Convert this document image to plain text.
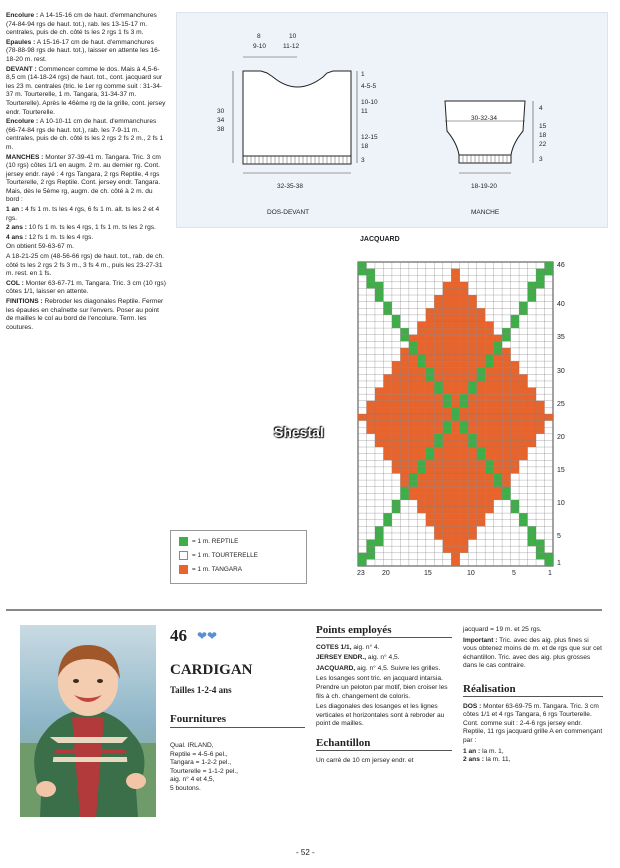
Encolure : A 14-15-16 cm de haut. d'emmanchures (74-84-94 rgs de haut. tot.), rab. les 13-15-17 m. centrales, puis de ch. côté ts les 2 rgs 1 fs 3 m.

Epaules : A 15-16-17 cm de haut. d'emmanchures (78-88-98 rgs de haut. tot.), laisser en attente les 16-18-20 m. rest.

DEVANT : Commencer comme le dos. Mais à 4,5-6-8,5 cm (14-18-24 rgs) de haut. tot., cont. jacquard sur les 23 m. centrales (tric. le 1er rg comme suit : 31-34-37 m. Tourterelle, 1 m. Tangara, 31-34-37 m. Tourterelle). Après le 46ème rg de la grille, cont. jersey endr. Tourterelle.

Encolure : A 10-10-11 cm de haut. d'emmanchures (66-74-84 rgs de haut. tot.), rab. les 7-9-11 m. centrales, puis de ch. côté ts les 2 rgs 2 fs 2 m., 2 fs 1 m.

MANCHES : Monter 37-39-41 m. Tangara. Tric. 3 cm (10 rgs) côtes 1/1 en augm. 2 m. au dernier rg. Cont. jersey endr. rayé : 4 rgs Tangara, 2 rgs Reptile, 4 rgs Tourterelle, 2 rgs Reptile. Cont. jersey endr. Tangara. Mais, dès le 5ème rg, augm. de ch. côté à 2 m. du bord :

1 an : 4 fs 1 m. ts les 4 rgs, 6 fs 1 m. alt. ts les 2 et 4 rgs.

2 ans : 10 fs 1 m. ts les 4 rgs, 1 fs 1 m. ts les 2 rgs.

4 ans : 12 fs 1 m. ts les 4 rgs.

On obtient 59-63-67 m.

A 18-21-25 cm (48-56-66 rgs) de haut. tot., rab. de ch. côté ts les 2 rgs 2 fs 3 m., 3 fs 4 m., puis les 23-27-31 m. rest. en 1 fs.

COL : Monter 63-67-71 m. Tangara. Tric. 3 cm (10 rgs) côtes 1/1, laisser en attente.

FINITIONS : Rebroder les diagonales Reptile. Fermer les épaules en chaînette sur l'envers. Poser au point de mailles le col au bord de l'encolure. Term. les coutures.

8	10
9-10	11-12
30
34
38
1
4-5-5
10-10
11
12-15
18
3
32-35-38
DOS-DEVANT
30-32-34
4
15
18
22
3
18-19-20
MANCHE
JACQUARD
46
40
35
30
25
20
15
10
5
1
23 20	15	10	5	1
Shestal
= 1 m. REPTILE
= 1 m. TOURTERELLE
= 1 m. TANGARA
46 ❤❤
CARDIGAN
Tailles 1-2-4 ans
Fournitures
Qual. IRLAND,
Reptile = 4-5-6 pel.,
Tangara = 1-2-2 pel.,
Tourterelle = 1-1-2 pel.,
aig. n° 4 et 4,5,
5 boutons.
Points employés

COTES 1/1, aig. n° 4.

JERSEY ENDR., aig. n° 4,5.

JACQUARD, aig. n° 4,5. Suivre les grilles.

Les losanges sont tric. en jacquard intarsia. Prendre un peloton par motif, bien croiser les fils à ch. changement de coloris.

Les diagonales des losanges et les lignes verticales et horizontales sont à rebroder au point de mailles.

Echantillon

Un carré de 10 cm jersey endr. et

jacquard = 19 m. et 25 rgs.

Important : Tric. avec des aig. plus fines si vous obtenez moins de m. et de rgs que sur cet échantillon. Tric. avec des aig. plus grosses dans le cas contraire.

Réalisation

DOS : Monter 63-69-75 m. Tangara. Tric. 3 cm côtes 1/1 et 4 rgs Tangara, 6 rgs Tourterelle. Cont. comme suit : 2-4-6 rgs jersey endr. Reptile, 11 rgs jacquard grille A en commençant par :

1 an : la m. 1,

2 ans : la m. 11,

- 52 -
